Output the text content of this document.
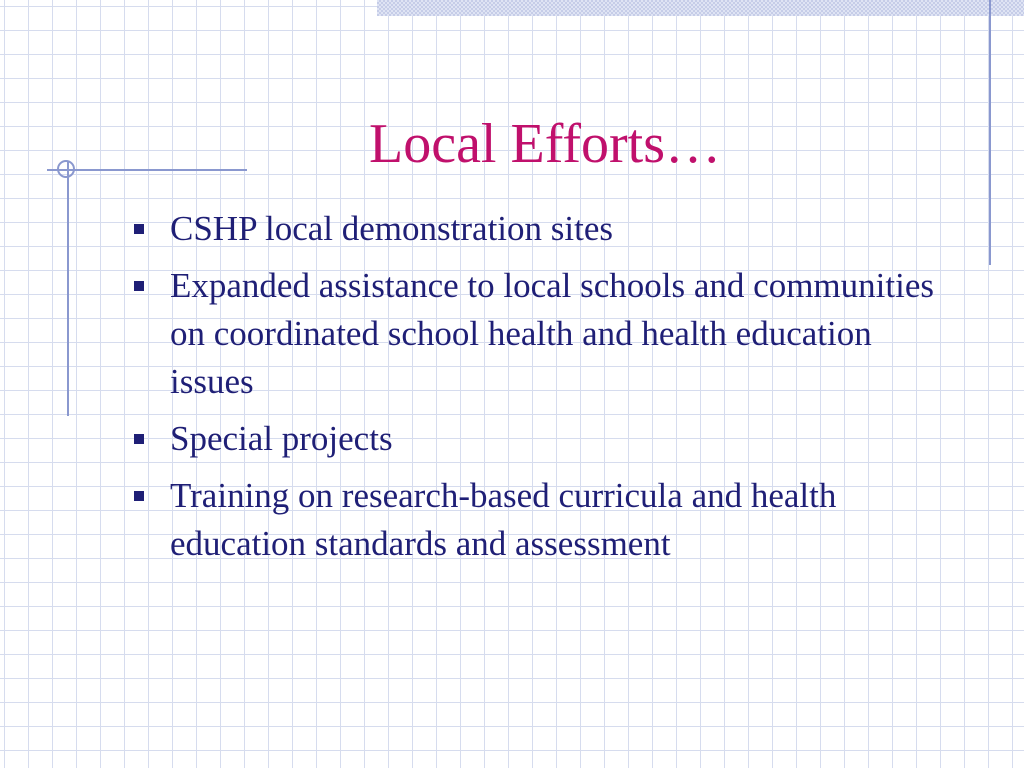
Local Efforts…
CSHP local demonstration sites
Expanded assistance to local schools and communities on coordinated school health and health education issues
Special projects
Training on research-based curricula and health education standards and assessment
